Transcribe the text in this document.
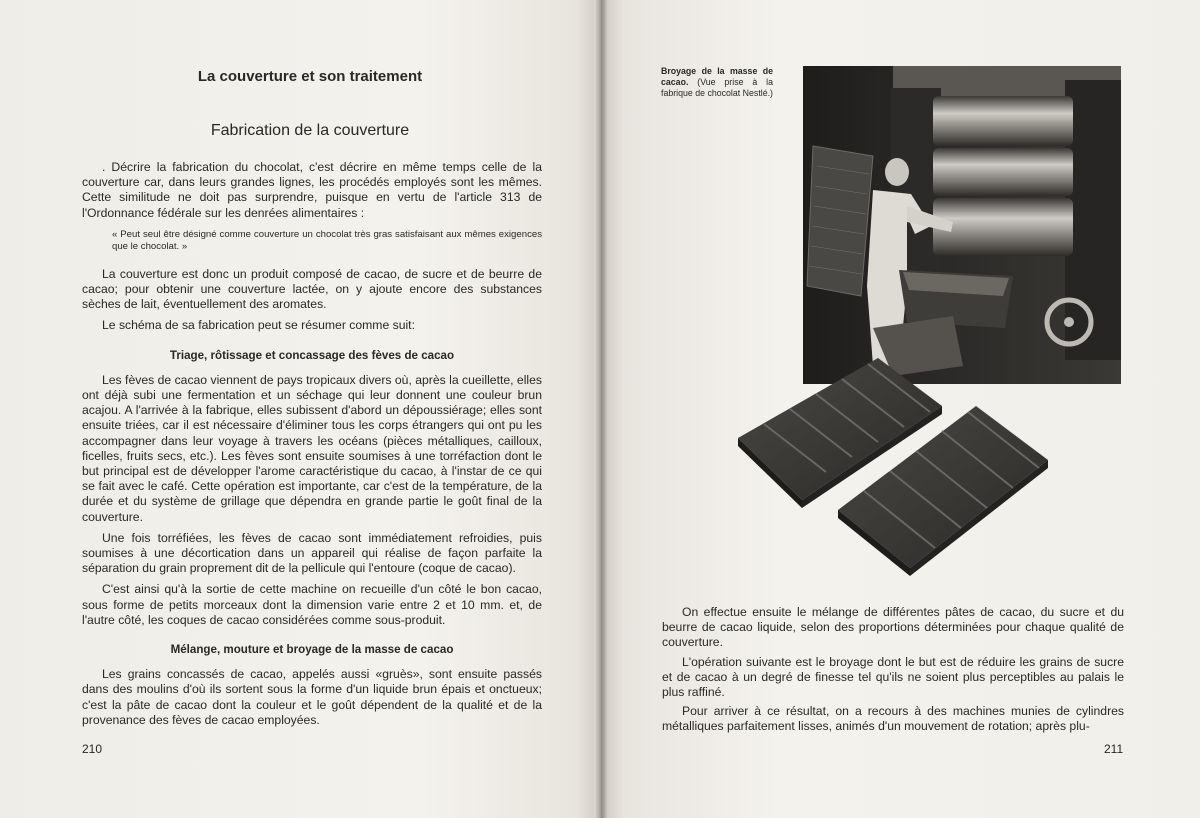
La couverture et son traitement
Fabrication de la couverture

. Décrire la fabrication du chocolat, c'est décrire en même temps celle de la couverture car, dans leurs grandes lignes, les procédés employés sont les mêmes. Cette similitude ne doit pas surprendre, puisque en vertu de l'article 313 de l'Ordonnance fédérale sur les denrées alimentaires :

« Peut seul être désigné comme couverture un chocolat très gras satisfaisant aux mêmes exigences que le chocolat. »

La couverture est donc un produit composé de cacao, de sucre et de beurre de cacao; pour obtenir une couverture lactée, on y ajoute encore des substances sèches de lait, éventuellement des aromates.

Le schéma de sa fabrication peut se résumer comme suit:

Triage, rôtissage et concassage des fèves de cacao

Les fèves de cacao viennent de pays tropicaux divers où, après la cueillette, elles ont déjà subi une fermentation et un séchage qui leur donnent une couleur brun acajou. A l'arrivée à la fabrique, elles subissent d'abord un dépoussiérage; elles sont ensuite triées, car il est nécessaire d'éliminer tous les corps étrangers qui ont pu les accompagner dans leur voyage à travers les océans (pièces métalliques, cailloux, ficelles, fruits secs, etc.). Les fèves sont ensuite soumises à une torréfaction dont le but principal est de développer l'arome caractéristique du cacao, à l'instar de ce qui se fait avec le café. Cette opération est importante, car c'est de la température, de la durée et du système de grillage que dépendra en grande partie le goût final de la couverture.

Une fois torréfiées, les fèves de cacao sont immédiatement refroidies, puis soumises à une décortication dans un appareil qui réalise de façon parfaite la séparation du grain proprement dit de la pellicule qui l'entoure (coque de cacao).

C'est ainsi qu'à la sortie de cette machine on recueille d'un côté le bon cacao, sous forme de petits morceaux dont la dimension varie entre 2 et 10 mm. et, de l'autre côté, les coques de cacao considérées comme sous-produit.

Mélange, mouture et broyage de la masse de cacao

Les grains concassés de cacao, appelés aussi «gruès», sont ensuite passés dans des moulins d'où ils sortent sous la forme d'un liquide brun épais et onctueux; c'est la pâte de cacao dont la couleur et le goût dépendent de la qualité et de la provenance des fèves de cacao employées.

210
Broyage de la masse de cacao. (Vue prise à la fabrique de chocolat Nestlé.)

On effectue ensuite le mélange de différentes pâtes de cacao, du sucre et du beurre de cacao liquide, selon des proportions déterminées pour chaque qualité de couverture.

L'opération suivante est le broyage dont le but est de réduire les grains de sucre et de cacao à un degré de finesse tel qu'ils ne soient plus perceptibles au palais le plus raffiné.

Pour arriver à ce résultat, on a recours à des machines munies de cylindres métalliques parfaitement lisses, animés d'un mouvement de rotation; après plu-

211
